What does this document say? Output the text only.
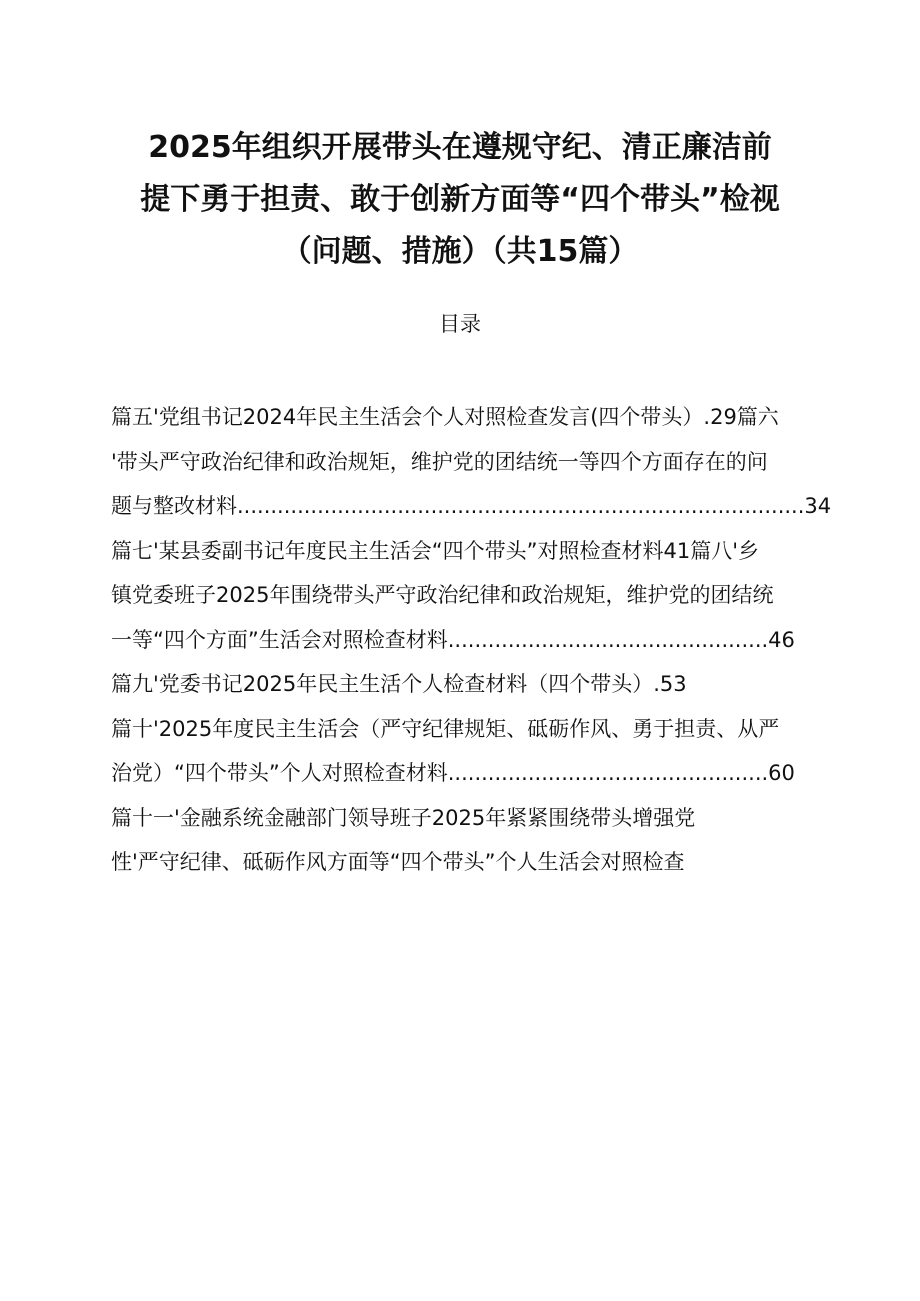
2025年组织开展带头在遵规守纪、清正廉洁前
提下勇于担责、敢于创新方面等“四个带头”检视
（问题、措施）（共15篇）
目录
篇五'党组书记2024年民主生活会个人对照检查发言(四个带头）.29篇六
'带头严守政治纪律和政治规矩，维护党的团结统一等四个方面存在的问
题与整改材料.....................................................................................34
篇七'某县委副书记年度民主生活会“四个带头”对照检查材料41篇八'乡
镇党委班子2025年围绕带头严守政治纪律和政治规矩，维护党的团结统
一等“四个方面”生活会对照检查材料................................................46
篇九'党委书记2025年民主生活个人检查材料（四个带头）.53
篇十'2025年度民主生活会（严守纪律规矩、砥砺作风、勇于担责、从严
治党）“四个带头”个人对照检查材料................................................60
篇十一'金融系统金融部门领导班子2025年紧紧围绕带头增强党
性'严守纪律、砥砺作风方面等“四个带头”个人生活会对照检查
